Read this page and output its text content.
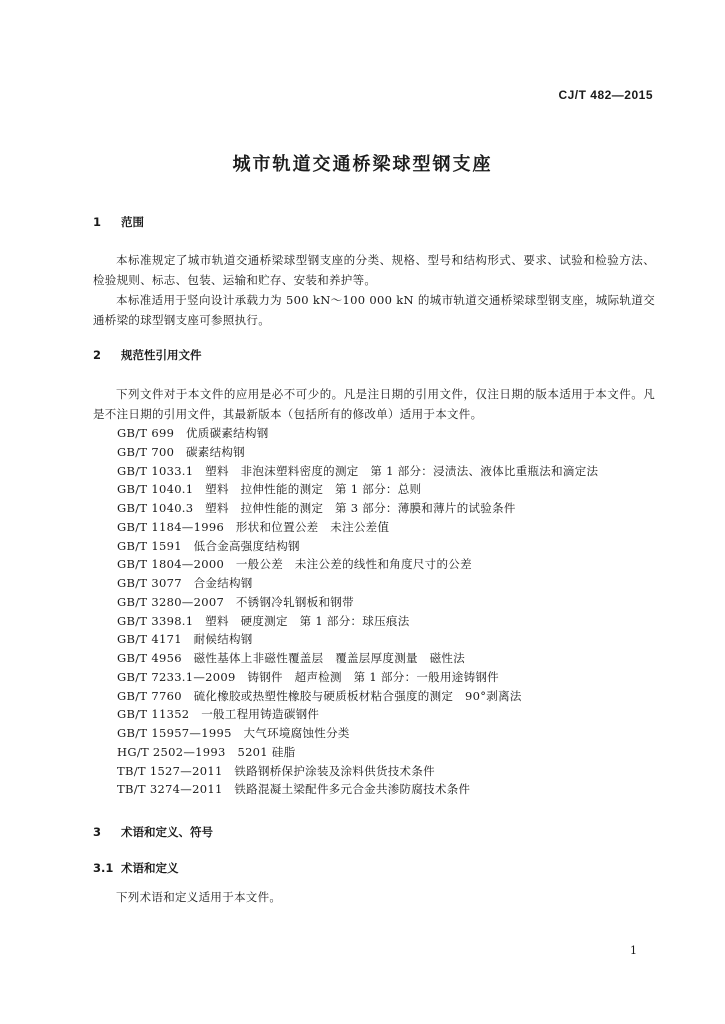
CJ/T 482—2015
城市轨道交通桥梁球型钢支座
1 范围
本标准规定了城市轨道交通桥梁球型钢支座的分类、规格、型号和结构形式、要求、试验和检验方法、检验规则、标志、包装、运输和贮存、安装和养护等。
本标准适用于竖向设计承载力为 500 kN～100 000 kN 的城市轨道交通桥梁球型钢支座，城际轨道交通桥梁的球型钢支座可参照执行。
2 规范性引用文件
下列文件对于本文件的应用是必不可少的。凡是注日期的引用文件，仅注日期的版本适用于本文件。凡是不注日期的引用文件，其最新版本（包括所有的修改单）适用于本文件。
GB/T 699　优质碳素结构钢
GB/T 700　碳素结构钢
GB/T 1033.1　塑料　非泡沫塑料密度的测定　第 1 部分：浸渍法、液体比重瓶法和滴定法
GB/T 1040.1　塑料　拉伸性能的测定　第 1 部分：总则
GB/T 1040.3　塑料　拉伸性能的测定　第 3 部分：薄膜和薄片的试验条件
GB/T 1184—1996　形状和位置公差　未注公差值
GB/T 1591　低合金高强度结构钢
GB/T 1804—2000　一般公差　未注公差的线性和角度尺寸的公差
GB/T 3077　合金结构钢
GB/T 3280—2007　不锈钢冷轧钢板和钢带
GB/T 3398.1　塑料　硬度测定　第 1 部分：球压痕法
GB/T 4171　耐候结构钢
GB/T 4956　磁性基体上非磁性覆盖层　覆盖层厚度测量　磁性法
GB/T 7233.1—2009　铸钢件　超声检测　第 1 部分：一般用途铸钢件
GB/T 7760　硫化橡胶或热塑性橡胶与硬质板材粘合强度的测定　90°剥离法
GB/T 11352　一般工程用铸造碳钢件
GB/T 15957—1995　大气环境腐蚀性分类
HG/T 2502—1993　5201 硅脂
TB/T 1527—2011　铁路钢桥保护涂装及涂料供货技术条件
TB/T 3274—2011　铁路混凝土梁配件多元合金共渗防腐技术条件
3 术语和定义、符号
3.1 术语和定义
下列术语和定义适用于本文件。
1
